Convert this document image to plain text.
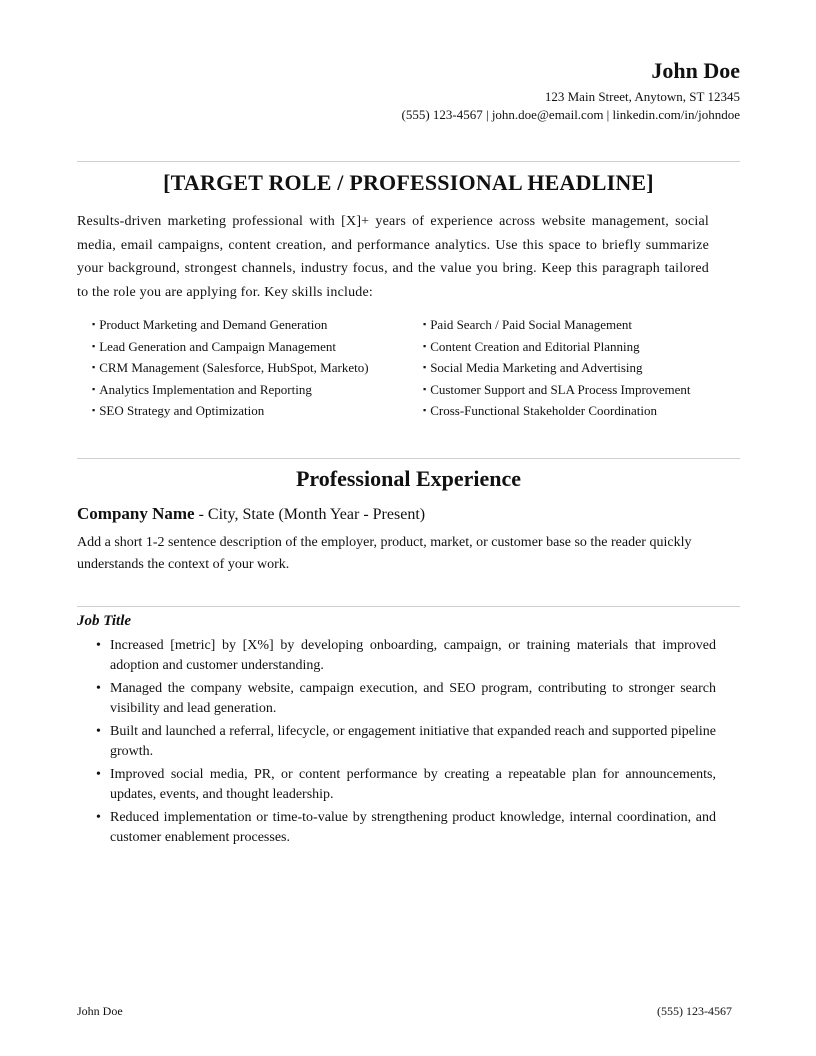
John Doe
123 Main Street, Anytown, ST 12345
(555) 123-4567 | john.doe@email.com | linkedin.com/in/johndoe
[TARGET ROLE / PROFESSIONAL HEADLINE]
Results-driven marketing professional with [X]+ years of experience across website management, social media, email campaigns, content creation, and performance analytics. Use this space to briefly summarize your background, strongest channels, industry focus, and the value you bring. Keep this paragraph tailored to the role you are applying for. Key skills include:
▪ Product Marketing and Demand Generation
▪ Lead Generation and Campaign Management
▪ CRM Management (Salesforce, HubSpot, Marketo)
▪ Analytics Implementation and Reporting
▪ SEO Strategy and Optimization
▪ Paid Search / Paid Social Management
▪ Content Creation and Editorial Planning
▪ Social Media Marketing and Advertising
▪ Customer Support and SLA Process Improvement
▪ Cross-Functional Stakeholder Coordination
Professional Experience
Company Name - City, State (Month Year - Present)
Add a short 1-2 sentence description of the employer, product, market, or customer base so the reader quickly understands the context of your work.
Job Title
• Increased [metric] by [X%] by developing onboarding, campaign, or training materials that improved adoption and customer understanding.
• Managed the company website, campaign execution, and SEO program, contributing to stronger search visibility and lead generation.
• Built and launched a referral, lifecycle, or engagement initiative that expanded reach and supported pipeline growth.
• Improved social media, PR, or content performance by creating a repeatable plan for announcements, updates, events, and thought leadership.
• Reduced implementation or time-to-value by strengthening product knowledge, internal coordination, and customer enablement processes.
John Doe	(555) 123-4567
